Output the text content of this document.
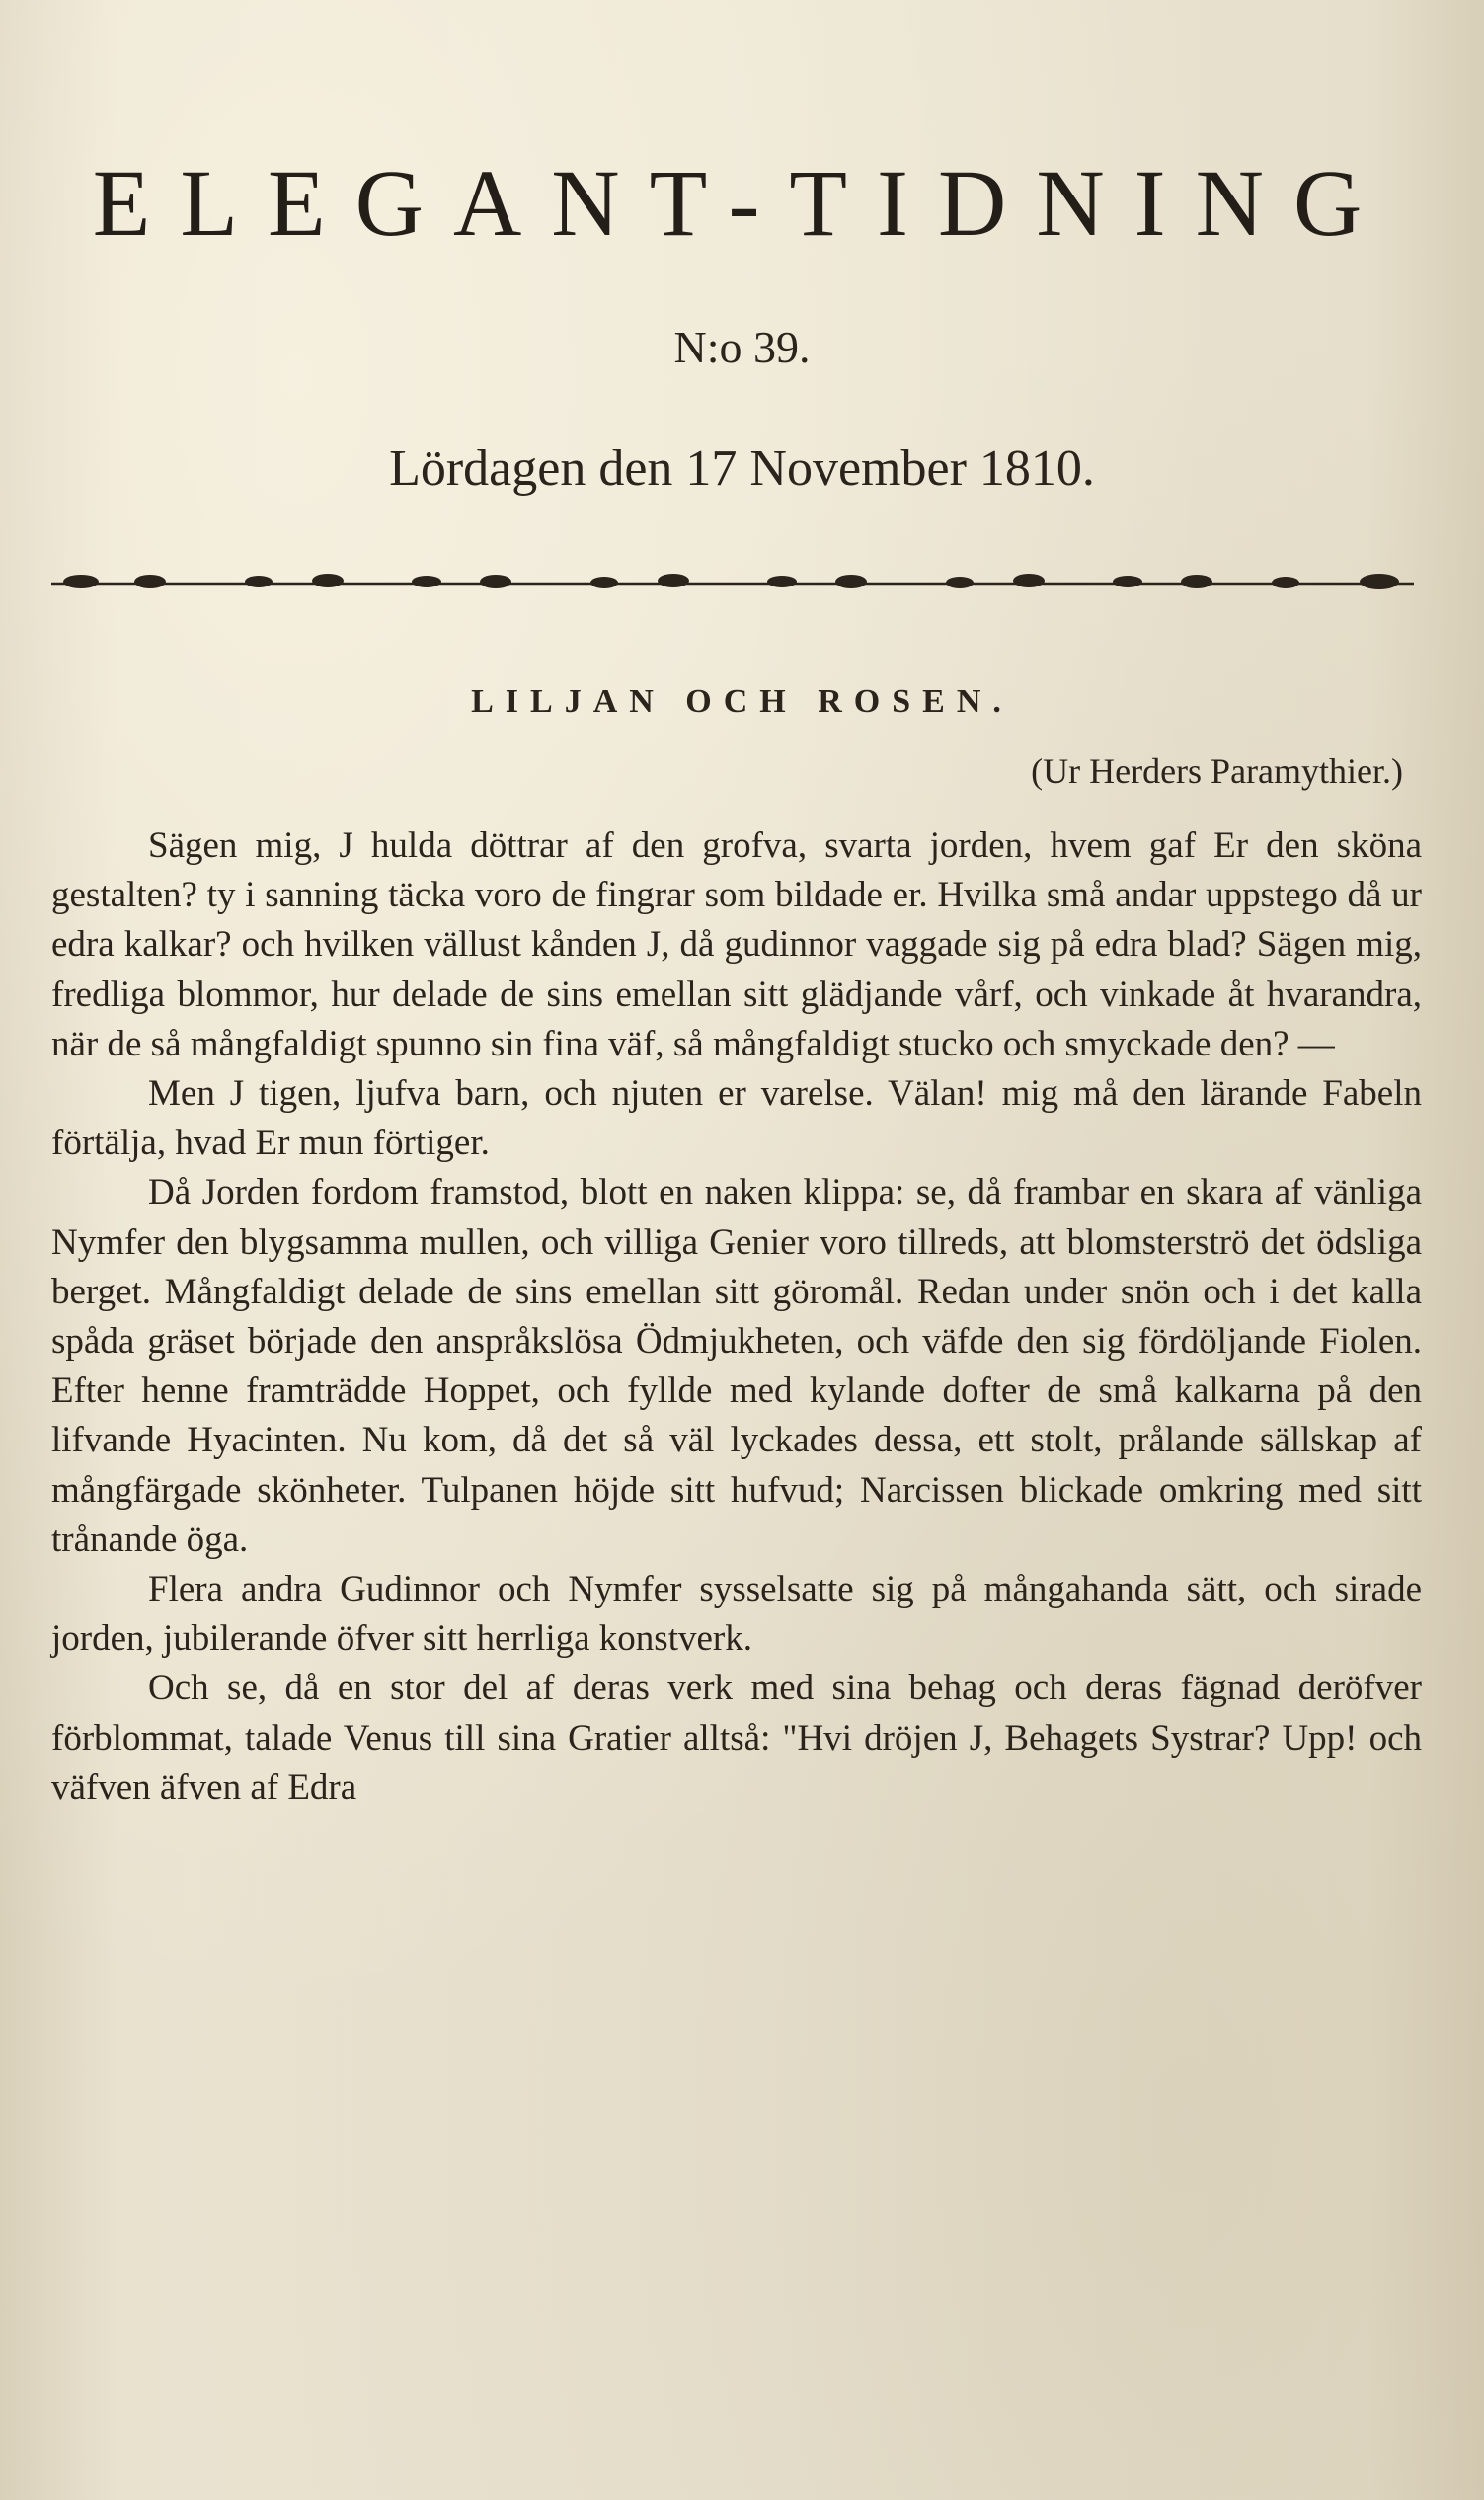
ELEGANT-TIDNING
N:o 39.
Lördagen den 17 November 1810.
LILJAN OCH ROSEN.
(Ur Herders Paramythier.)

Sägen mig, J hulda döttrar af den grofva, svarta jorden, hvem gaf Er den sköna gestalten? ty i sanning täcka voro de fingrar som bildade er. Hvilka små andar uppstego då ur edra kalkar? och hvilken vällust kånden J, då gudinnor vaggade sig på edra blad? Sägen mig, fredliga blommor, hur delade de sins emellan sitt glädjande vårf, och vinkade åt hvarandra, när de så mångfaldigt spunno sin fina väf, så mångfaldigt stucko och smyckade den? —

Men J tigen, ljufva barn, och njuten er varelse. Välan! mig må den lärande Fabeln förtälja, hvad Er mun förtiger.

Då Jorden fordom framstod, blott en naken klippa: se, då frambar en skara af vänliga Nymfer den blygsamma mullen, och villiga Genier voro tillreds, att blomsterströ det ödsliga berget. Mångfaldigt delade de sins emellan sitt göromål. Redan under snön och i det kalla spåda gräset började den anspråkslösa Ödmjukheten, och väfde den sig fördöljande Fiolen. Efter henne framträdde Hoppet, och fyllde med kylande dofter de små kalkarna på den lifvande Hyacinten. Nu kom, då det så väl lyckades dessa, ett stolt, prålande sällskap af mångfärgade skönheter. Tulpanen höjde sitt hufvud; Narcissen blickade omkring med sitt trånande öga.

Flera andra Gudinnor och Nymfer sysselsatte sig på mångahanda sätt, och sirade jorden, jubilerande öfver sitt herrliga konstverk.

Och se, då en stor del af deras verk med sina behag och deras fägnad deröfver förblommat, talade Venus till sina Gratier alltså: "Hvi dröjen J, Behagets Systrar? Upp! och väfven äfven af Edra
